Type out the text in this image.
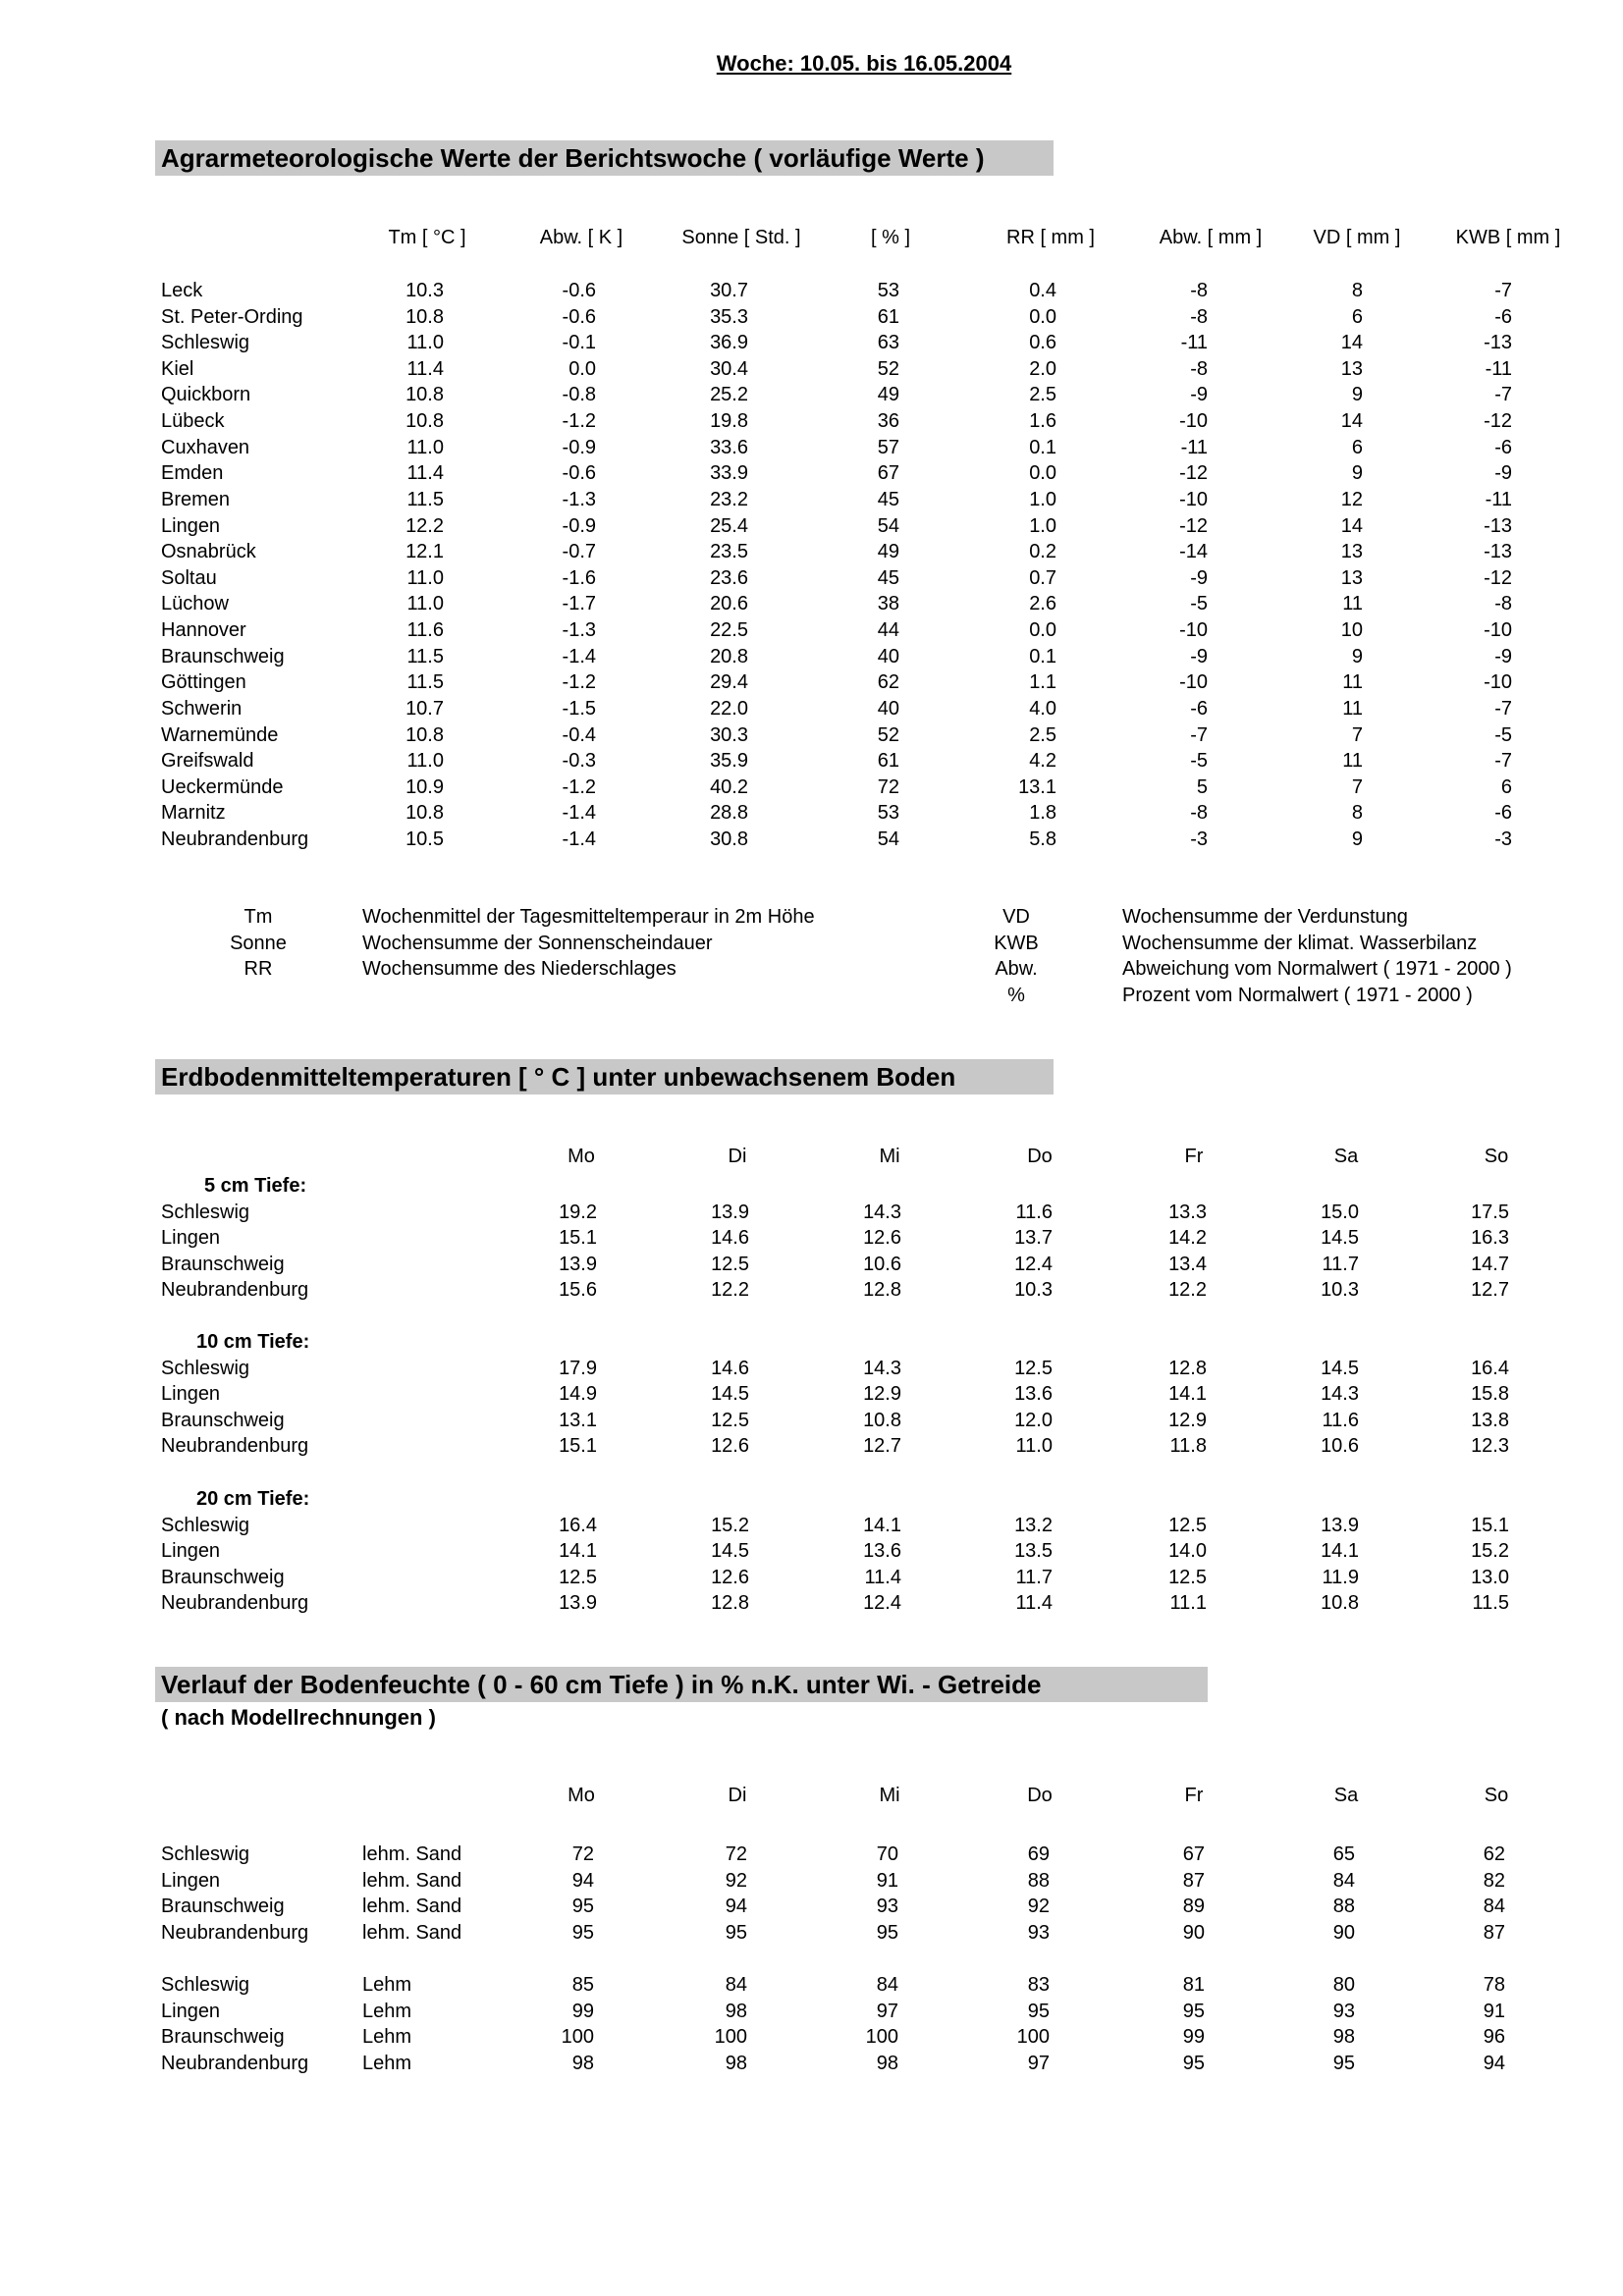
Woche: 10.05. bis 16.05.2004
Agrarmeteorologische Werte der Berichtswoche ( vorläufige Werte )
Tm [ °C ]	Abw. [ K ]	Sonne [ Std. ]	[ % ]	RR [ mm ]	Abw. [ mm ]	VD [ mm ]	KWB [ mm ]
Leck	10.3	-0.6	30.7	53	0.4	-8	8	-7
St. Peter-Ording	10.8	-0.6	35.3	61	0.0	-8	6	-6
Schleswig	11.0	-0.1	36.9	63	0.6	-11	14	-13
Kiel	11.4	0.0	30.4	52	2.0	-8	13	-11
Quickborn	10.8	-0.8	25.2	49	2.5	-9	9	-7
Lübeck	10.8	-1.2	19.8	36	1.6	-10	14	-12
Cuxhaven	11.0	-0.9	33.6	57	0.1	-11	6	-6
Emden	11.4	-0.6	33.9	67	0.0	-12	9	-9
Bremen	11.5	-1.3	23.2	45	1.0	-10	12	-11
Lingen	12.2	-0.9	25.4	54	1.0	-12	14	-13
Osnabrück	12.1	-0.7	23.5	49	0.2	-14	13	-13
Soltau	11.0	-1.6	23.6	45	0.7	-9	13	-12
Lüchow	11.0	-1.7	20.6	38	2.6	-5	11	-8
Hannover	11.6	-1.3	22.5	44	0.0	-10	10	-10
Braunschweig	11.5	-1.4	20.8	40	0.1	-9	9	-9
Göttingen	11.5	-1.2	29.4	62	1.1	-10	11	-10
Schwerin	10.7	-1.5	22.0	40	4.0	-6	11	-7
Warnemünde	10.8	-0.4	30.3	52	2.5	-7	7	-5
Greifswald	11.0	-0.3	35.9	61	4.2	-5	11	-7
Ueckermünde	10.9	-1.2	40.2	72	13.1	5	7	6
Marnitz	10.8	-1.4	28.8	53	1.8	-8	8	-6
Neubrandenburg	10.5	-1.4	30.8	54	5.8	-3	9	-3
Tm	Wochenmittel der Tagesmitteltemperaur in 2m Höhe
Sonne	Wochensumme der Sonnenscheindauer
RR	Wochensumme des Niederschlages
VD	Wochensumme der Verdunstung
KWB	Wochensumme der klimat. Wasserbilanz
Abw.	Abweichung vom Normalwert ( 1971 - 2000 )
%	Prozent vom Normalwert ( 1971 - 2000 )
Erdbodenmitteltemperaturen [ ° C ] unter unbewachsenem Boden
Mo	Di	Mi	Do	Fr	Sa	So
5 cm Tiefe:
Schleswig	19.2	13.9	14.3	11.6	13.3	15.0	17.5
Lingen	15.1	14.6	12.6	13.7	14.2	14.5	16.3
Braunschweig	13.9	12.5	10.6	12.4	13.4	11.7	14.7
Neubrandenburg	15.6	12.2	12.8	10.3	12.2	10.3	12.7
10 cm Tiefe:
Schleswig	17.9	14.6	14.3	12.5	12.8	14.5	16.4
Lingen	14.9	14.5	12.9	13.6	14.1	14.3	15.8
Braunschweig	13.1	12.5	10.8	12.0	12.9	11.6	13.8
Neubrandenburg	15.1	12.6	12.7	11.0	11.8	10.6	12.3
20 cm Tiefe:
Schleswig	16.4	15.2	14.1	13.2	12.5	13.9	15.1
Lingen	14.1	14.5	13.6	13.5	14.0	14.1	15.2
Braunschweig	12.5	12.6	11.4	11.7	12.5	11.9	13.0
Neubrandenburg	13.9	12.8	12.4	11.4	11.1	10.8	11.5
Verlauf der Bodenfeuchte ( 0 - 60 cm Tiefe ) in % n.K. unter Wi. - Getreide
( nach Modellrechnungen )
Mo	Di	Mi	Do	Fr	Sa	So
Schleswig	lehm. Sand	72	72	70	69	67	65	62
Lingen	lehm. Sand	94	92	91	88	87	84	82
Braunschweig	lehm. Sand	95	94	93	92	89	88	84
Neubrandenburg	lehm. Sand	95	95	95	93	90	90	87
Schleswig	Lehm	85	84	84	83	81	80	78
Lingen	Lehm	99	98	97	95	95	93	91
Braunschweig	Lehm	100	100	100	100	99	98	96
Neubrandenburg	Lehm	98	98	98	97	95	95	94
